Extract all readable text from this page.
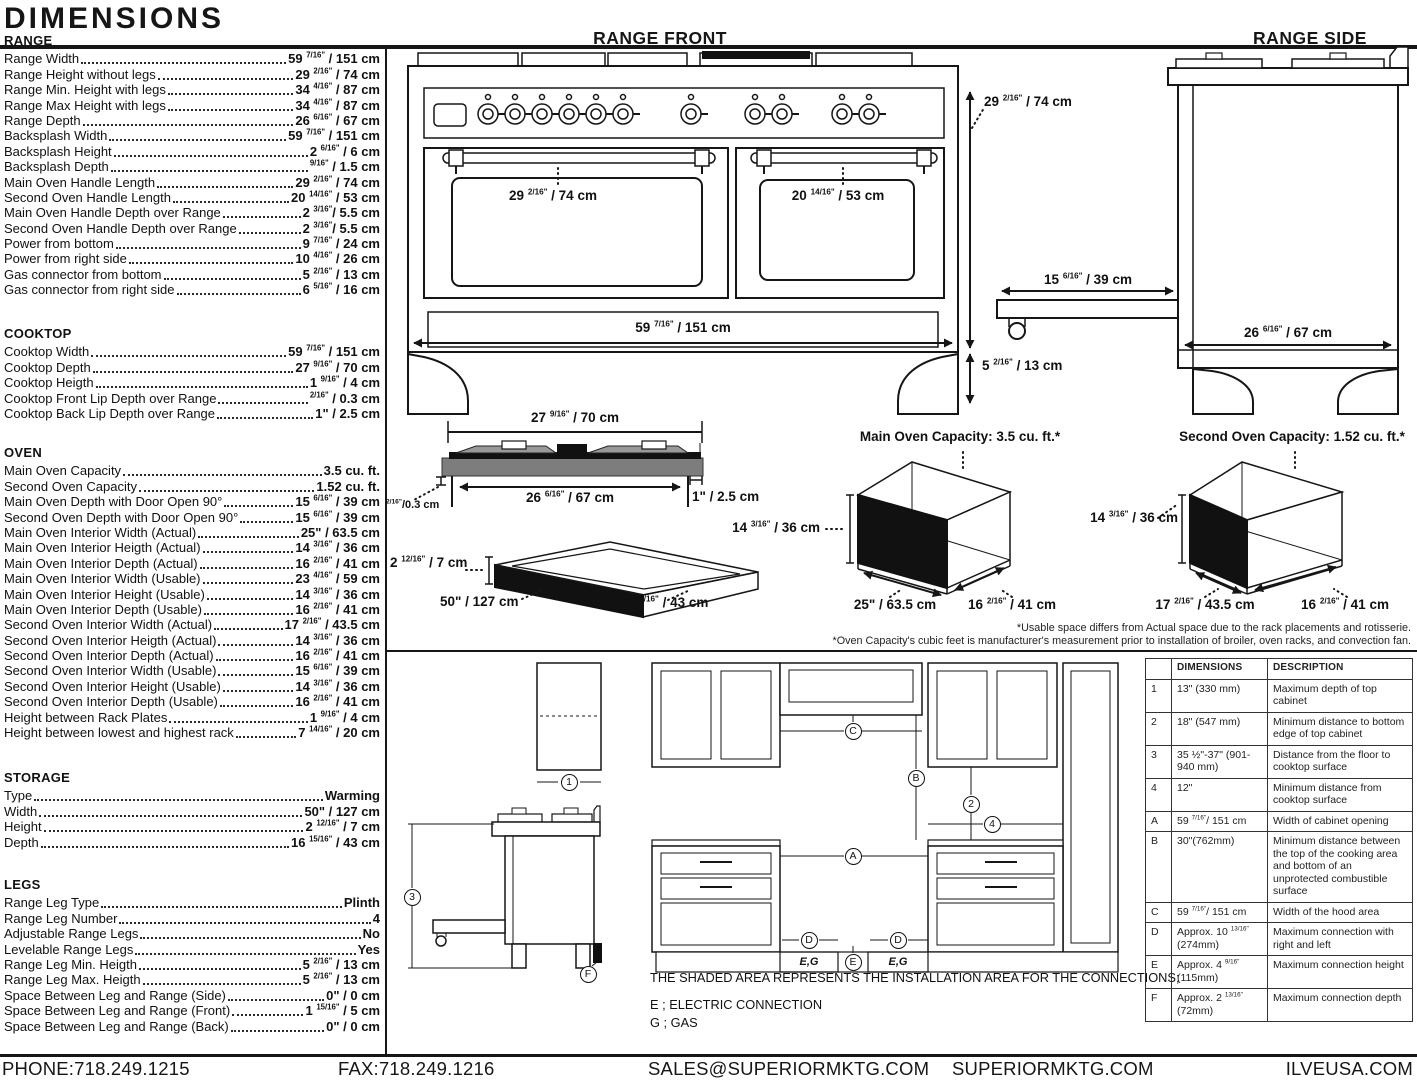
DIMENSIONS
RANGE
Range Width	59 $^{7/16"}$ / 151 cm
Range Height without legs	29 $^{2/16"}$ / 74 cm
Range Min. Height with legs	34 $^{4/16"}$ / 87 cm
Range Max Height with legs	34 $^{4/16"}$ / 87 cm
Range Depth	26 $^{6/16"}$ / 67 cm
Backsplash Width	59 $^{7/16"}$ / 151 cm
Backsplash Height	2 $^{6/16"}$ / 6 cm
Backsplash Depth	$^{9/16"}$ / 1.5 cm
Main Oven Handle Length	29 $^{2/16"}$ / 74 cm
Second Oven Handle Length	20 $^{14/16"}$ / 53 cm
Main Oven Handle Depth over Range	2 $^{3/16"}$/ 5.5 cm
Second Oven Handle Depth over Range	2 $^{3/16"}$/ 5.5 cm
Power from bottom	9 $^{7/16"}$ / 24 cm
Power from right side	10 $^{4/16"}$ / 26 cm
Gas connector from bottom	5 $^{2/16"}$ / 13 cm
Gas connector from right side	6 $^{5/16"}$ / 16 cm
COOKTOP
Cooktop Width	59 $^{7/16"}$ / 151 cm
Cooktop Depth	27 $^{9/16"}$ / 70 cm
Cooktop Heigth	1 $^{9/16"}$ / 4 cm
Cooktop Front Lip Depth over Range	$^{2/16"}$ / 0.3 cm
Cooktop Back Lip Depth over Range	1" / 2.5 cm
OVEN
Main Oven Capacity	3.5 cu. ft.
Second Oven Capacity	1.52 cu. ft.
Main Oven Depth with Door Open 90°	15 $^{6/16"}$ / 39 cm
Second Oven Depth with Door Open 90°	15 $^{6/16"}$ / 39 cm
Main Oven Interior Width (Actual)	25" / 63.5 cm
Main Oven Interior Heigth (Actual)	14 $^{3/16"}$ / 36 cm
Main Oven Interior Depth (Actual)	16 $^{2/16"}$ / 41 cm
Main Oven Interior Width (Usable)	23 $^{4/16"}$ / 59 cm
Main Oven Interior Height (Usable)	14 $^{3/16"}$ / 36 cm
Main Oven Interior Depth (Usable)	16 $^{2/16"}$ / 41 cm
Second Oven Interior Width (Actual)	17 $^{2/16"}$ / 43.5 cm
Second Oven Interior Heigth (Actual)	14 $^{3/16"}$ / 36 cm
Second Oven Interior Depth (Actual)	16 $^{2/16"}$ / 41 cm
Second Oven Interior Width (Usable)	15 $^{6/16"}$ / 39 cm
Second Oven Interior Height (Usable)	14 $^{3/16"}$ / 36 cm
Second Oven Interior Depth (Usable)	16 $^{2/16"}$ / 41 cm
Height between Rack Plates	1 $^{9/16"}$ / 4 cm
Height between lowest and highest rack	7 $^{14/16"}$ / 20 cm
STORAGE
Type	Warming
Width	50" / 127 cm
Height	2 $^{12/16"}$ / 7 cm
Depth	16 $^{15/16"}$ / 43 cm
LEGS
Range Leg Type	Plinth
Range Leg Number	4
Adjustable Range Legs	No
Levelable Range Legs	Yes
Range Leg Min. Heigth	5 $^{2/16"}$ / 13 cm
Range Leg Max. Heigth	5 $^{2/16"}$ / 13 cm
Space Between Leg and Range (Side)	0" / 0 cm
Space Between Leg and Range (Front)	1 $^{15/16"}$ / 5 cm
Space Between Leg and Range (Back)	0" / 0 cm
RANGE FRONT	RANGE SIDE
29 $^{2/16"}$ / 74 cm	20 $^{14/16"}$ / 53 cm
59 $^{7/16"}$ / 151 cm
29 $^{2/16"}$ / 74 cm
5 $^{2/16"}$ / 13 cm
15 $^{6/16"}$ / 39 cm
26 $^{6/16"}$ / 67 cm
27 $^{9/16"}$ / 70 cm
26 $^{6/16"}$ / 67 cm	1" / 2.5 cm
$^{2/16"}$/0.3 cm
2 $^{12/16"}$ / 7 cm
50" / 127 cm	16 $^{15/16"}$ / 43 cm
Main Oven Capacity: 3.5 cu. ft.*
14 $^{3/16"}$ / 36 cm
25" / 63.5 cm 16 $^{2/16"}$ / 41 cm
Second Oven Capacity: 1.52 cu. ft.*
14 $^{3/16"}$ / 36 cm
17 $^{2/16"}$ / 43.5 cm	16 $^{2/16"}$ / 41 cm
*Usable space differs from Actual space due to the rack placements and rotisserie.
*Oven Capacity's cubic feet is manufacturer's measurement prior to installation of broiler, oven racks, and convection fan.
1
3
F
C
B
2
4
A
D	D
E
E,G	E,G
THE SHADED AREA REPRESENTS THE INSTALLATION AREA FOR THE CONNECTIONS;
E ; ELECTRIC CONNECTION
G ; GAS
	DIMENSIONS	DESCRIPTION
1	13" (330 mm)	Maximum depth of top cabinet
2	18" (547 mm)	Minimum distance to bottom edge of top cabinet
3	35 ½"-37" (901-940 mm)	Distance from the floor to cooktop surface
4	12"	Minimum distance from cooktop surface
A	59 $^{7/16"}$/ 151 cm	Width of cabinet opening
B	30"(762mm)	Minimum distance between the top of the cooking area and bottom of an unprotected combustible surface
C	59 $^{7/16"}$/ 151 cm	Width of the hood area
D	Approx. 10 $^{13/16"}$ (274mm)	Maximum connection with right and left
E	Approx. 4 $^{9/16"}$ (115mm)	Maximum connection height
F	Approx. 2 $^{13/16"}$ (72mm)	Maximum connection depth
PHONE:718.249.1215	FAX:718.249.1216	SALES@SUPERIORMKTG.COM SUPERIORMKTG.COM	ILVEUSA.COM
